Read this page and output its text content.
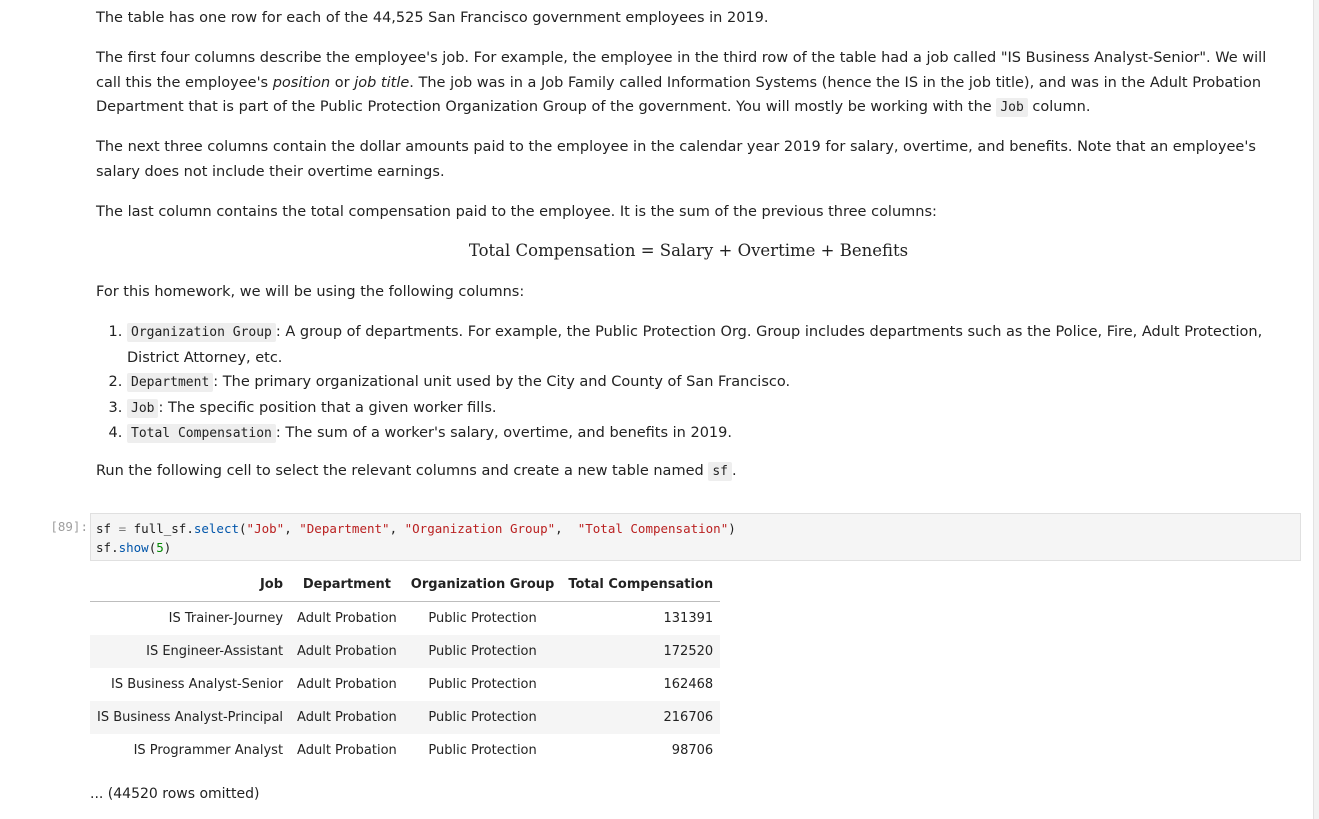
The table has one row for each of the 44,525 San Francisco government employees in 2019.

The first four columns describe the employee's job. For example, the employee in the third row of the table had a job called "IS Business Analyst-Senior". We will call this the employee's position or job title. The job was in a Job Family called Information Systems (hence the IS in the job title), and was in the Adult Probation Department that is part of the Public Protection Organization Group of the government. You will mostly be working with the Job column.

The next three columns contain the dollar amounts paid to the employee in the calendar year 2019 for salary, overtime, and benefits. Note that an employee's salary does not include their overtime earnings.

The last column contains the total compensation paid to the employee. It is the sum of the previous three columns:

Total Compensation = Salary + Overtime + Benefits

For this homework, we will be using the following columns:

1. Organization Group : A group of departments. For example, the Public Protection Org. Group includes departments such as the Police, Fire, Adult Protection, District Attorney, etc.
2. Department : The primary organizational unit used by the City and County of San Francisco.
3. Job : The specific position that a given worker fills.
4. Total Compensation : The sum of a worker's salary, overtime, and benefits in 2019.

Run the following cell to select the relevant columns and create a new table named sf .

[89]: sf = full_sf.select("Job", "Department", "Organization Group",  "Total Compensation")
sf.show(5)
Job	Department	Organization Group	Total Compensation
IS Trainer-Journey	Adult Probation	Public Protection	131391
IS Engineer-Assistant	Adult Probation	Public Protection	172520
IS Business Analyst-Senior	Adult Probation	Public Protection	162468
IS Business Analyst-Principal	Adult Probation	Public Protection	216706
IS Programmer Analyst	Adult Probation	Public Protection	98706
... (44520 rows omitted)
